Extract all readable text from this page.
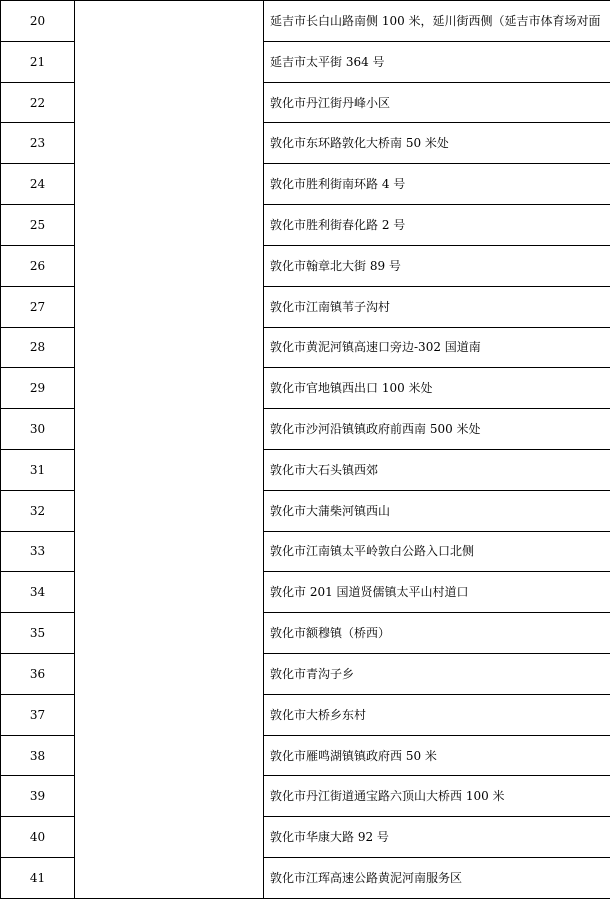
20		延吉市长白山路南侧 100 米，延川街西侧（延吉市体育场对面
21		延吉市太平街 364 号
22		敦化市丹江街丹峰小区
23		敦化市东环路敦化大桥南 50 米处
24		敦化市胜利街南环路 4 号
25		敦化市胜利街春化路 2 号
26		敦化市翰章北大街 89 号
27		敦化市江南镇苇子沟村
28		敦化市黄泥河镇高速口旁边-302 国道南
29		敦化市官地镇西出口 100 米处
30		敦化市沙河沿镇镇政府前西南 500 米处
31		敦化市大石头镇西郊
32		敦化市大蒲柴河镇西山
33		敦化市江南镇太平岭敦白公路入口北侧
34		敦化市 201 国道贤儒镇太平山村道口
35		敦化市额穆镇（桥西）
36		敦化市青沟子乡
37		敦化市大桥乡东村
38		敦化市雁鸣湖镇镇政府西 50 米
39		敦化市丹江街道通宝路六顶山大桥西 100 米
40		敦化市华康大路 92 号
41		敦化市江珲高速公路黄泥河南服务区
